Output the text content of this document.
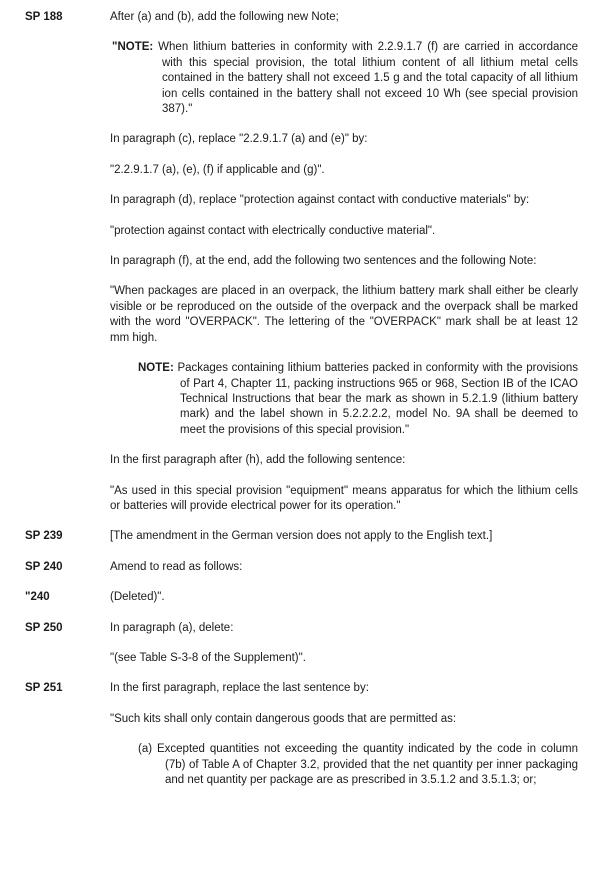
SP 188	After (a) and (b), add the following new Note;

"NOTE: When lithium batteries in conformity with 2.2.9.1.7 (f) are carried in accordance with this special provision, the total lithium content of all lithium metal cells contained in the battery shall not exceed 1.5 g and the total capacity of all lithium ion cells contained in the battery shall not exceed 10 Wh (see special provision 387)."

In paragraph (c), replace "2.2.9.1.7 (a) and (e)" by:

"2.2.9.1.7 (a), (e), (f) if applicable and (g)".

In paragraph (d), replace "protection against contact with conductive materials" by:

"protection against contact with electrically conductive material".

In paragraph (f), at the end, add the following two sentences and the following Note:

"When packages are placed in an overpack, the lithium battery mark shall either be clearly visible or be reproduced on the outside of the overpack and the overpack shall be marked with the word "OVERPACK". The lettering of the "OVERPACK" mark shall be at least 12 mm high.

NOTE: Packages containing lithium batteries packed in conformity with the provisions of Part 4, Chapter 11, packing instructions 965 or 968, Section IB of the ICAO Technical Instructions that bear the mark as shown in 5.2.1.9 (lithium battery mark) and the label shown in 5.2.2.2.2, model No. 9A shall be deemed to meet the provisions of this special provision."

In the first paragraph after (h), add the following sentence:

"As used in this special provision "equipment" means apparatus for which the lithium cells or batteries will provide electrical power for its operation."

SP 239	[The amendment in the German version does not apply to the English text.]

SP 240	Amend to read as follows:

"240	(Deleted)".

SP 250	In paragraph (a), delete:

"(see Table S-3-8 of the Supplement)".

SP 251	In the first paragraph, replace the last sentence by:

"Such kits shall only contain dangerous goods that are permitted as:

(a) Excepted quantities not exceeding the quantity indicated by the code in column (7b) of Table A of Chapter 3.2, provided that the net quantity per inner packaging and net quantity per package are as prescribed in 3.5.1.2 and 3.5.1.3; or;
